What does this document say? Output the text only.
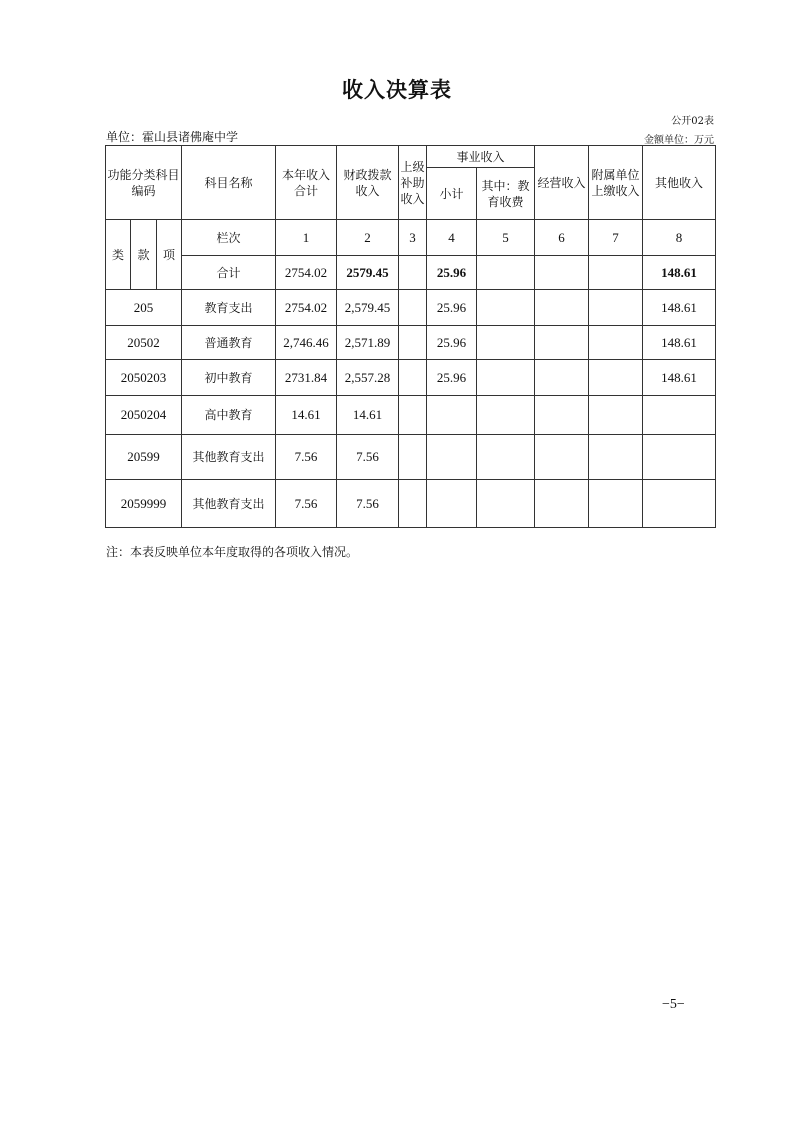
收入决算表
公开02表
单位：霍山县诸佛庵中学	金额单位：万元
功能分类科目编码			科目名称	本年收入合计	财政拨款收入	上级补助收入	事业收入		经营收入	附属单位上缴收入	其他收入
							小计	其中：教育收费			

类	款	项	栏次	1	2	3	4	5	6	7	8
			合计	2754.02	2579.45		25.96				148.61
205			教育支出	2754.02	2,579.45		25.96				148.61
20502			普通教育	2,746.46	2,571.89		25.96				148.61
2050203			初中教育	2731.84	2,557.28		25.96				148.61
2050204			高中教育	14.61	14.61						
20599			其他教育支出	7.56	7.56						
2059999			其他教育支出	7.56	7.56						
注：本表反映单位本年度取得的各项收入情况。
−5−
